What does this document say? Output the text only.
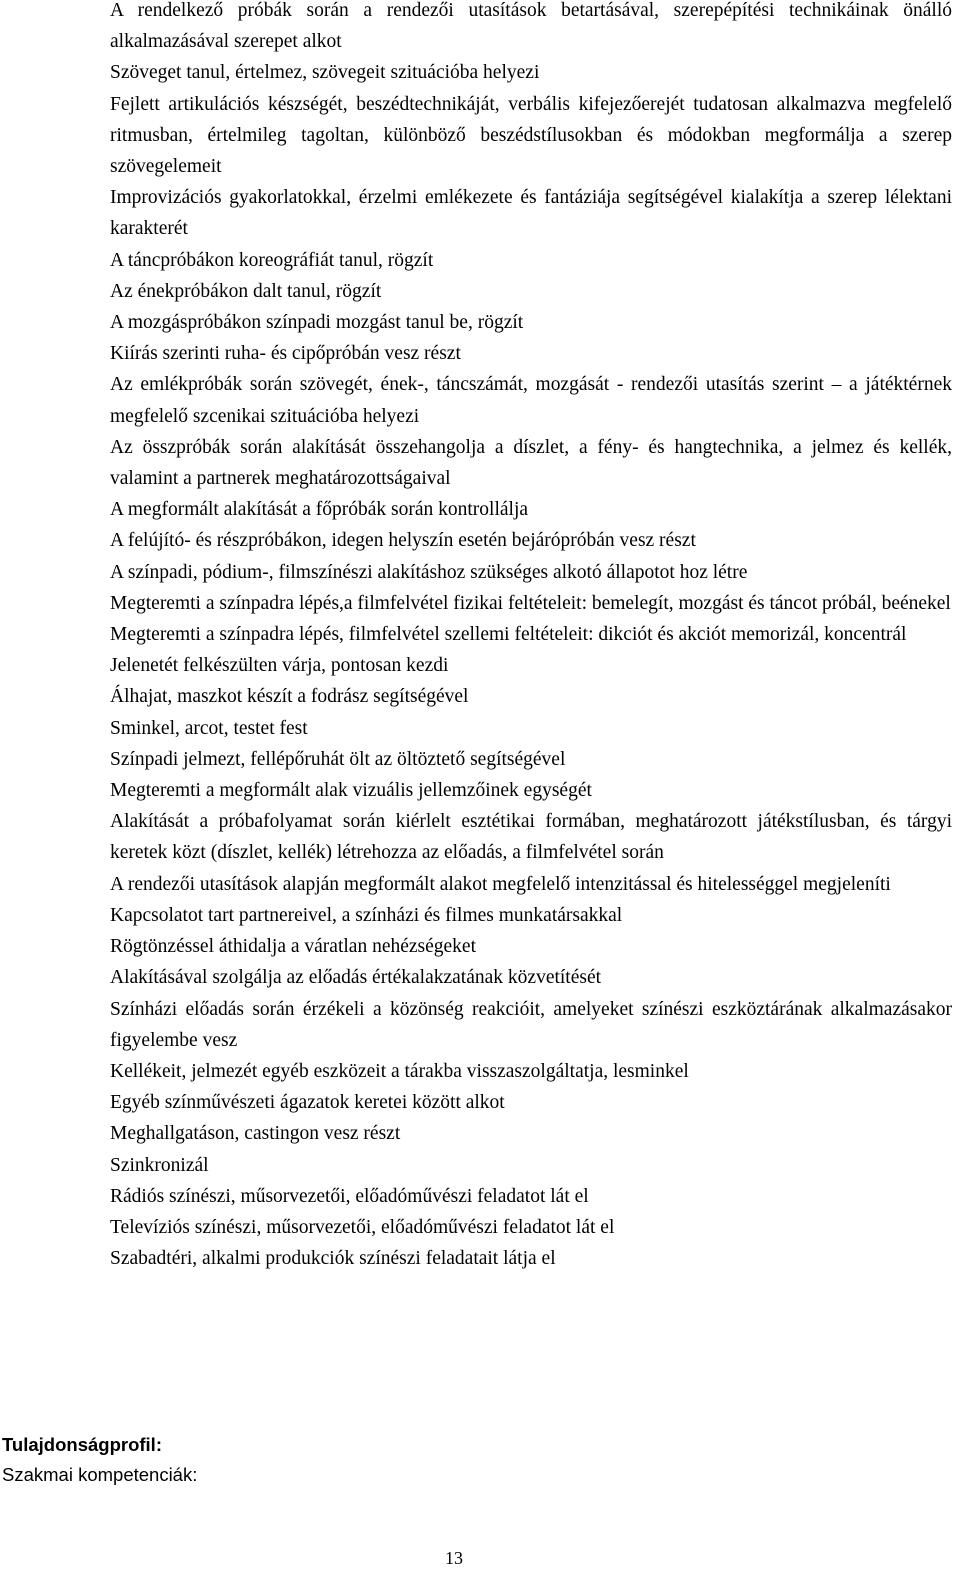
A rendelkező próbák során a rendezői utasítások betartásával, szerepépítési technikáinak önálló alkalmazásával szerepet alkot
Szöveget tanul, értelmez, szövegeit szituációba helyezi
Fejlett artikulációs készségét, beszédtechnikáját, verbális kifejezőerejét tudatosan alkalmazva megfelelő ritmusban, értelmileg tagoltan, különböző beszédstílusokban és módokban megformálja a szerep szövegelemeit
Improvizációs gyakorlatokkal, érzelmi emlékezete és fantáziája segítségével kialakítja a szerep lélektani karakterét
A táncpróbákon koreográfiát tanul, rögzít
Az énekpróbákon dalt tanul, rögzít
A mozgáspróbákon színpadi mozgást tanul be, rögzít
Kiírás szerinti ruha- és cipőpróbán vesz részt
Az emlékpróbák során szövegét, ének-, táncszámát, mozgását - rendezői utasítás szerint – a játéktérnek megfelelő szcenikai szituációba helyezi
Az összpróbák során alakítását összehangolja a díszlet, a fény- és hangtechnika, a jelmez és kellék, valamint a partnerek meghatározottságaival
A megformált alakítását a főpróbák során kontrollálja
A felújító- és részpróbákon, idegen helyszín esetén bejárópróbán vesz részt
A színpadi, pódium-, filmszínészi alakításhoz szükséges alkotó állapotot hoz létre
Megteremti a színpadra lépés,a filmfelvétel fizikai feltételeit: bemelegít, mozgást és táncot próbál, beénekel
Megteremti a színpadra lépés, filmfelvétel szellemi feltételeit: dikciót és akciót memorizál, koncentrál
Jelenetét felkészülten várja, pontosan kezdi
Álhajat, maszkot készít a fodrász segítségével
Sminkel, arcot, testet fest
Színpadi jelmezt, fellépőruhát ölt az öltöztető segítségével
Megteremti a megformált alak vizuális jellemzőinek egységét
Alakítását a próbafolyamat során kiérlelt esztétikai formában, meghatározott játékstílusban, és tárgyi keretek közt (díszlet, kellék) létrehozza az előadás, a filmfelvétel során
A rendezői utasítások alapján megformált alakot megfelelő intenzitással és hitelességgel megjeleníti
Kapcsolatot tart partnereivel, a színházi és filmes munkatársakkal
Rögtönzéssel áthidalja a váratlan nehézségeket
Alakításával szolgálja az előadás értékalakzatának közvetítését
Színházi előadás során érzékeli a közönség reakcióit, amelyeket színészi eszköztárának alkalmazásakor figyelembe vesz
Kellékeit, jelmezét egyéb eszközeit a tárakba visszaszolgáltatja, lesminkel
Egyéb színművészeti ágazatok keretei között alkot
Meghallgatáson, castingon vesz részt
Szinkronizál
Rádiós színészi, műsorvezetői, előadóművészi feladatot lát el
Televíziós színészi, műsorvezetői, előadóművészi feladatot lát el
Szabadtéri, alkalmi produkciók színészi feladatait látja el
Tulajdonságprofil:
Szakmai kompetenciák:
13
